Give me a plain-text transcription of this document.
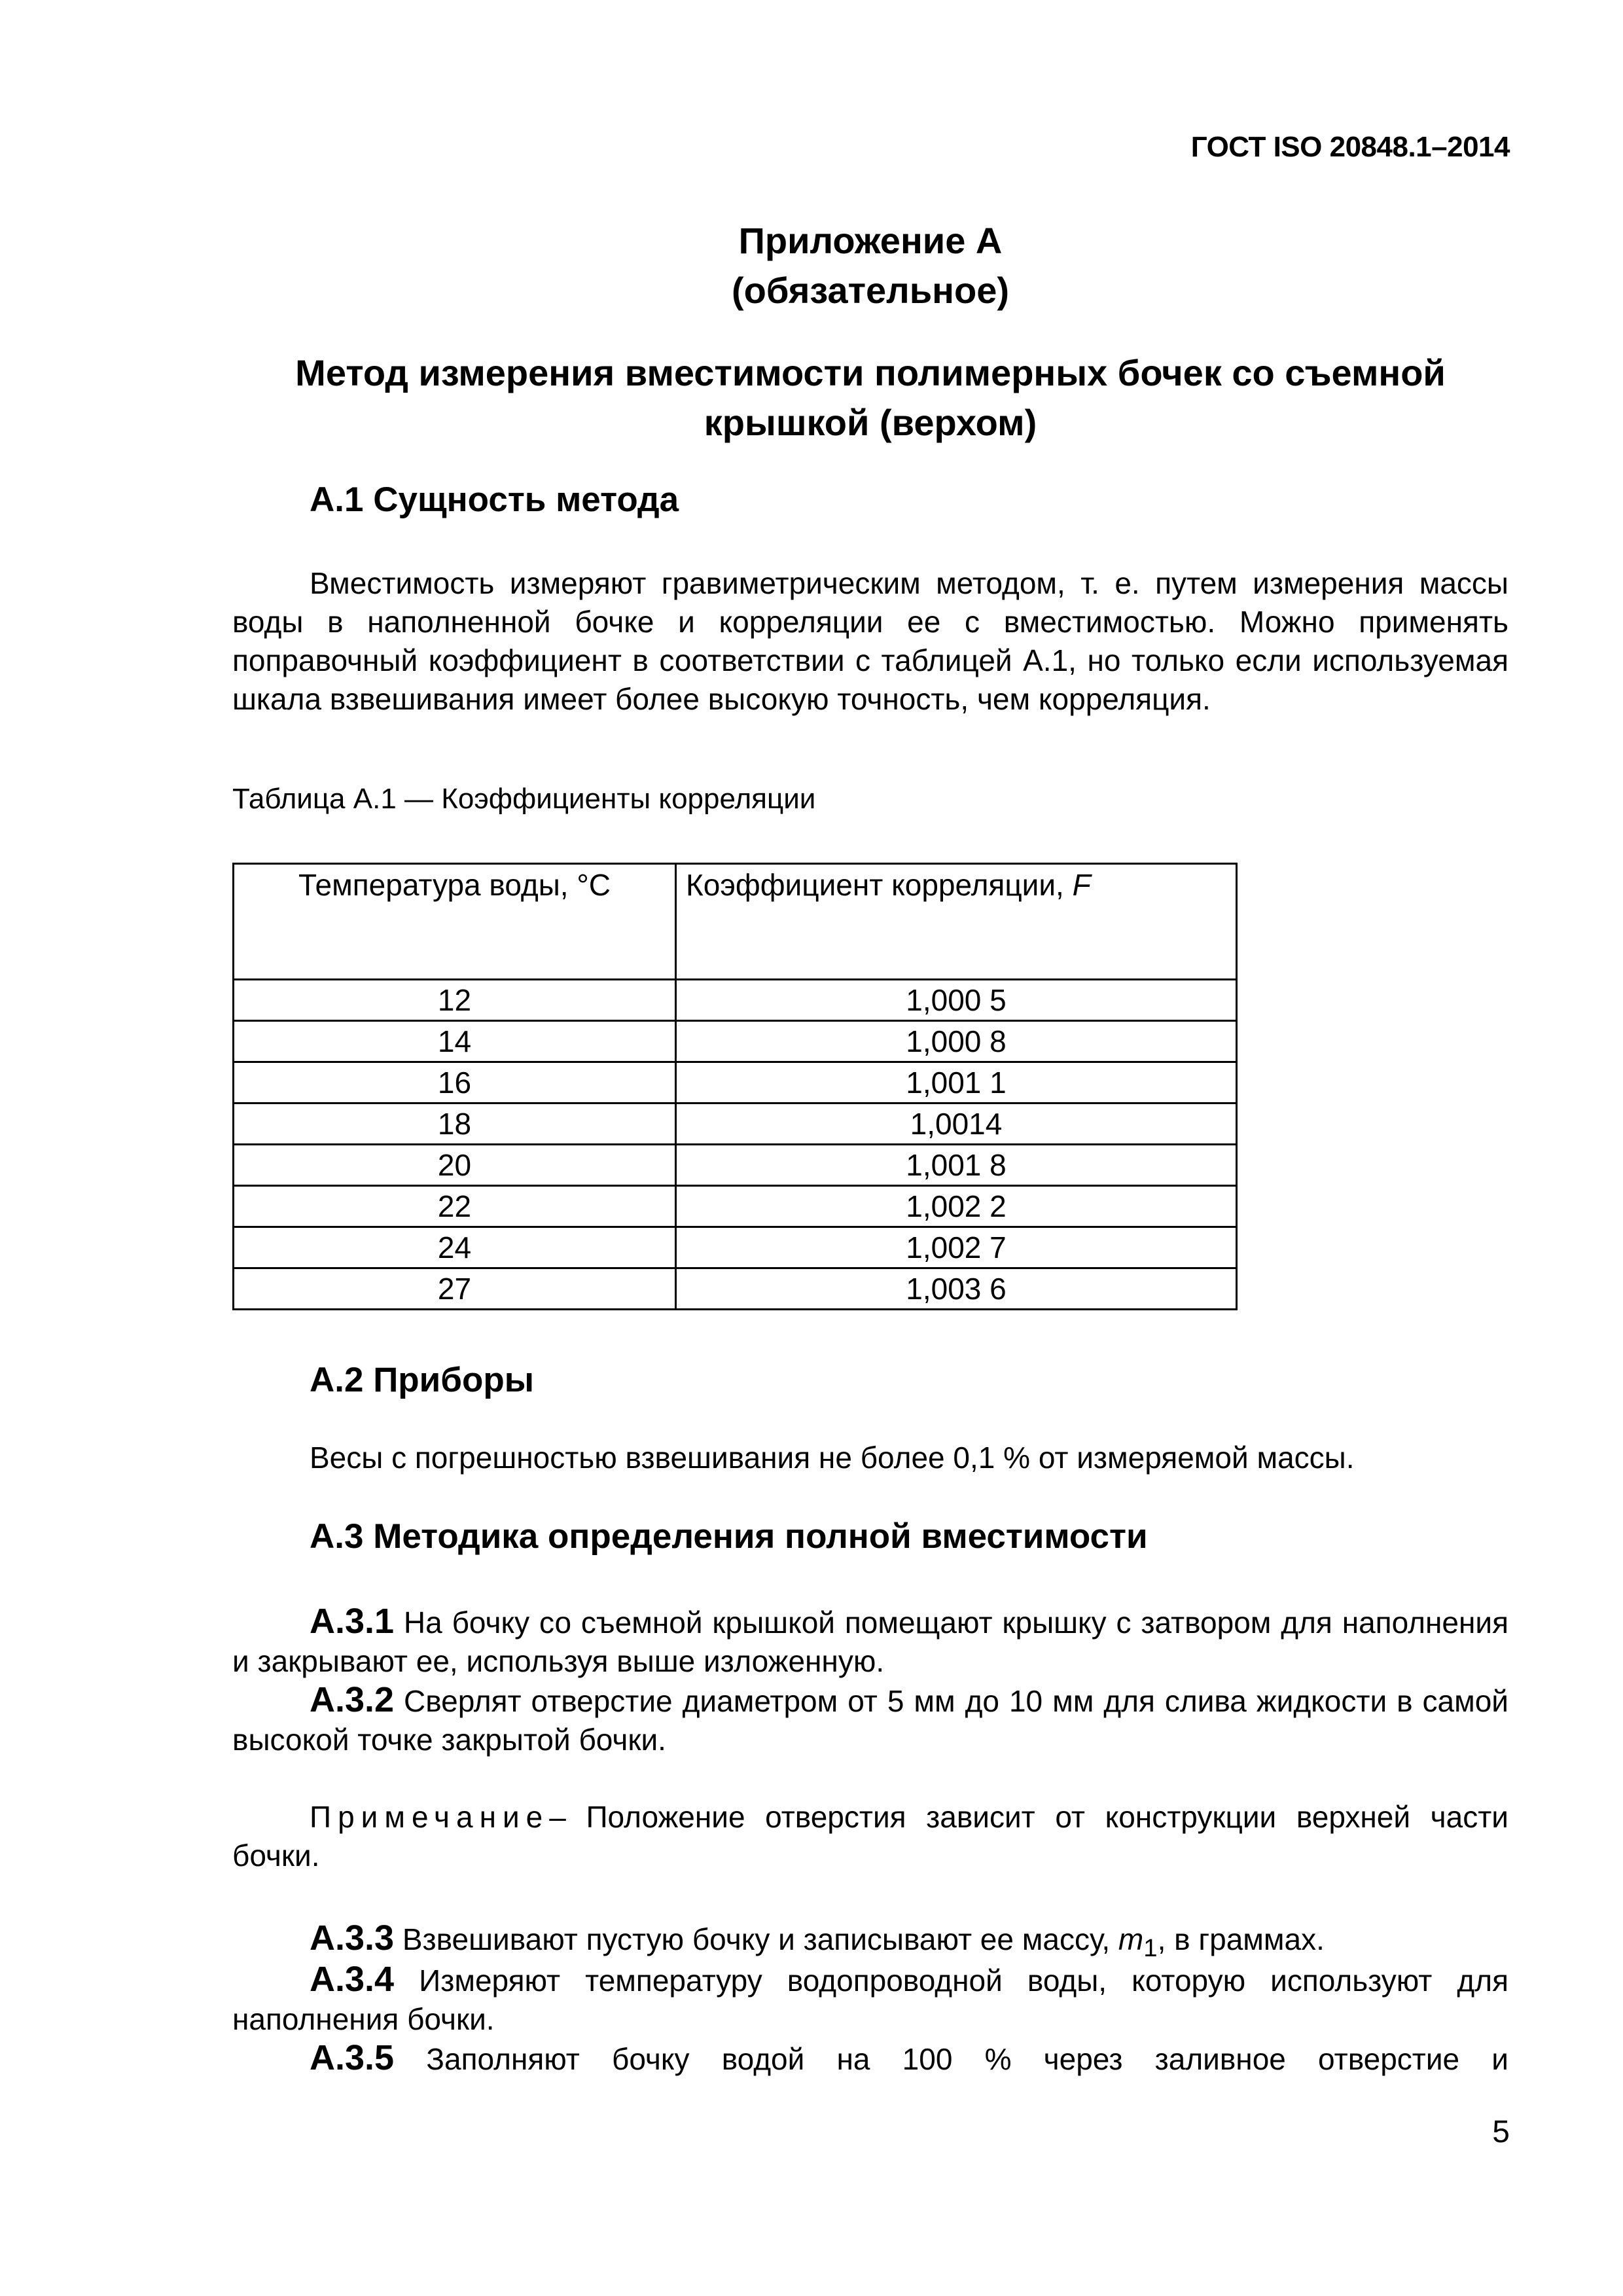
ГОСТ ISO 20848.1–2014
Приложение А
(обязательное)
Метод измерения вместимости полимерных бочек со съемной
крышкой (верхом)
А.1 Сущность метода
Вместимость измеряют гравиметрическим методом, т. е. путем измерения массы воды в наполненной бочке и корреляции ее с вместимостью. Можно применять поправочный коэффициент в соответствии с таблицей А.1, но только если используемая шкала взвешивания имеет более высокую точность, чем корреляция.
Таблица А.1 — Коэффициенты корреляции
Температура воды, °С	Коэффициент корреляции, F
12	1,000 5
14	1,000 8
16	1,001 1
18	1,0014
20	1,001 8
22	1,002 2
24	1,002 7
27	1,003 6
А.2 Приборы
Весы с погрешностью взвешивания не более 0,1 % от измеряемой массы.
А.3 Методика определения полной вместимости
А.3.1 На бочку со съемной крышкой помещают крышку с затвором для наполнения и закрывают ее, используя выше изложенную.
А.3.2 Сверлят отверстие диаметром от 5 мм до 10 мм для слива жидкости в самой высокой точке закрытой бочки.
Примечание– Положение отверстия зависит от конструкции верхней части бочки.
А.3.3 Взвешивают пустую бочку и записывают ее массу, $m_1$, в граммах.
А.3.4 Измеряют температуру водопроводной воды, которую используют для наполнения бочки.
А.3.5 Заполняют бочку водой на 100 % через заливное отверстие и
5
